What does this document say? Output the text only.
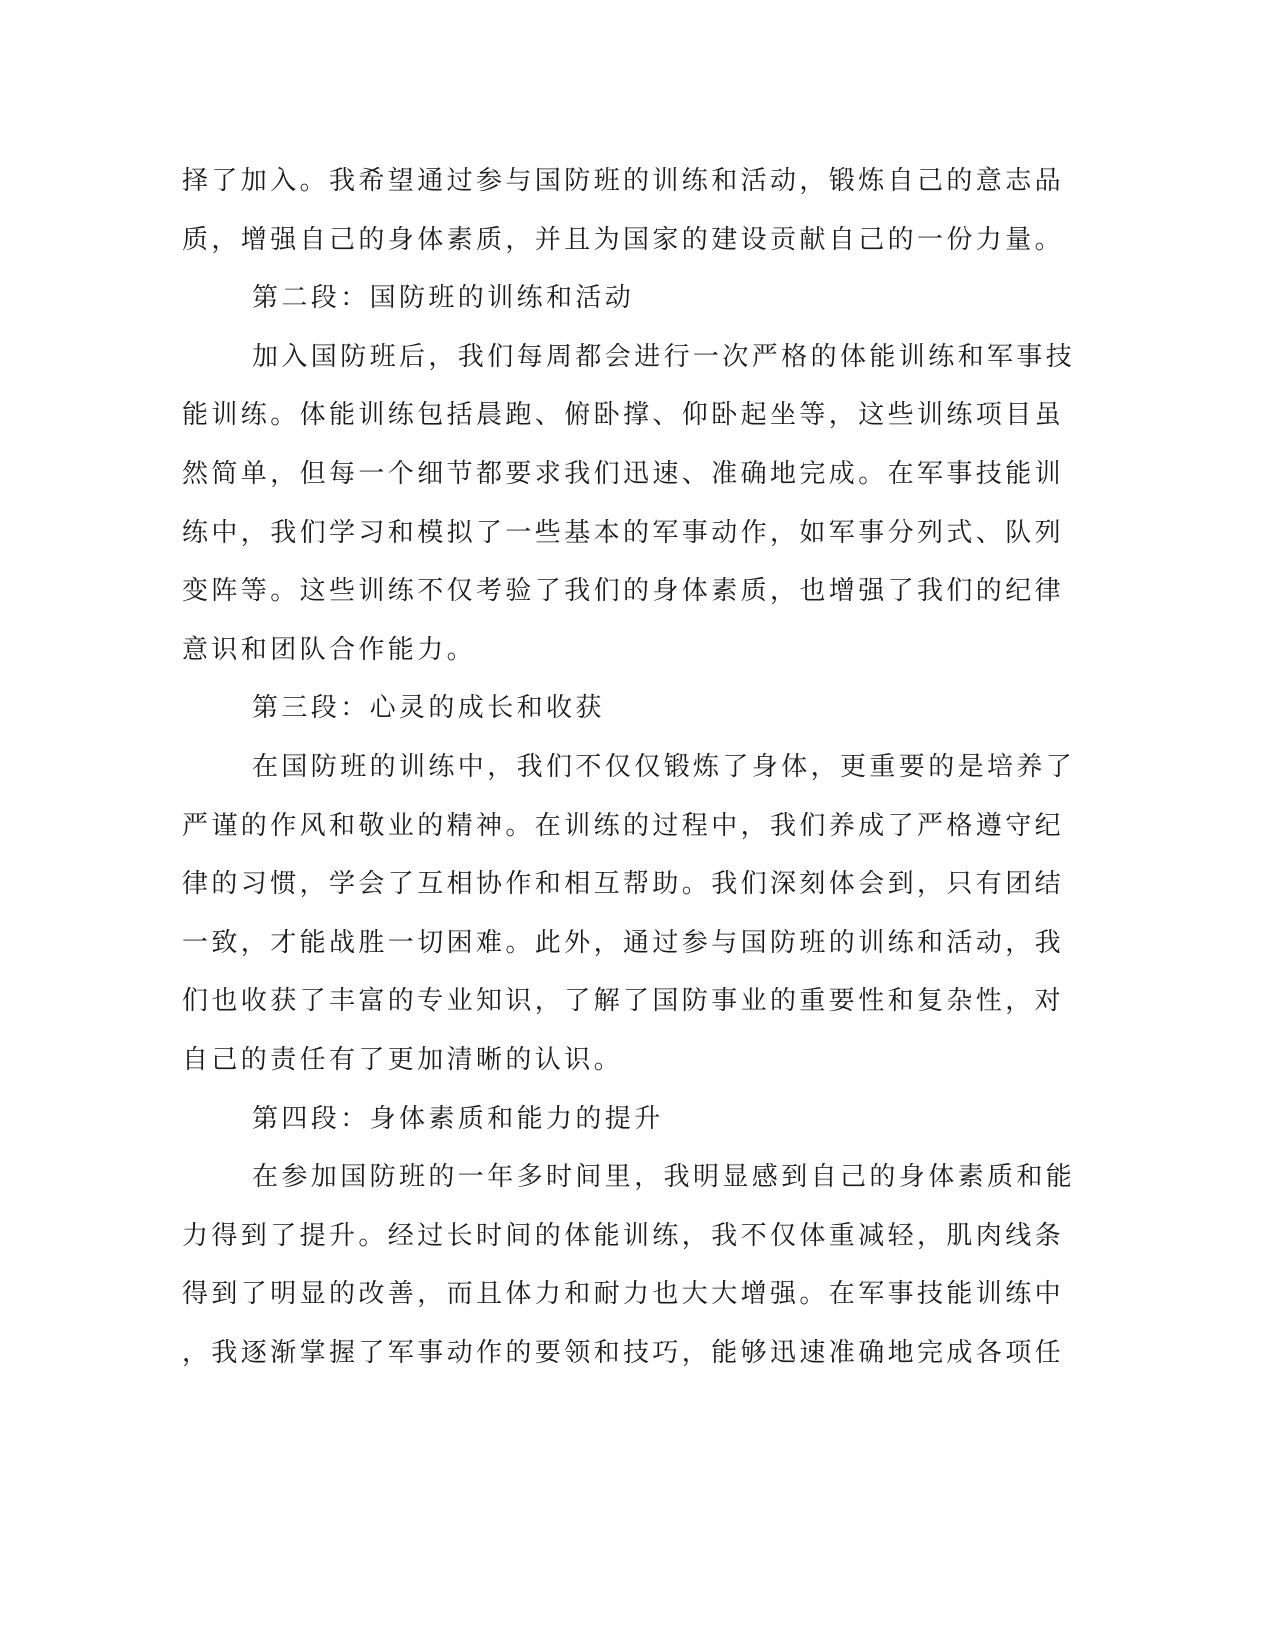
择了加入。我希望通过参与国防班的训练和活动，锻炼自己的意志品
质，增强自己的身体素质，并且为国家的建设贡献自己的一份力量。
第二段：国防班的训练和活动
加入国防班后，我们每周都会进行一次严格的体能训练和军事技
能训练。体能训练包括晨跑、俯卧撑、仰卧起坐等，这些训练项目虽
然简单，但每一个细节都要求我们迅速、准确地完成。在军事技能训
练中，我们学习和模拟了一些基本的军事动作，如军事分列式、队列
变阵等。这些训练不仅考验了我们的身体素质，也增强了我们的纪律
意识和团队合作能力。
第三段：心灵的成长和收获
在国防班的训练中，我们不仅仅锻炼了身体，更重要的是培养了
严谨的作风和敬业的精神。在训练的过程中，我们养成了严格遵守纪
律的习惯，学会了互相协作和相互帮助。我们深刻体会到，只有团结
一致，才能战胜一切困难。此外，通过参与国防班的训练和活动，我
们也收获了丰富的专业知识，了解了国防事业的重要性和复杂性，对
自己的责任有了更加清晰的认识。
第四段：身体素质和能力的提升
在参加国防班的一年多时间里，我明显感到自己的身体素质和能
力得到了提升。经过长时间的体能训练，我不仅体重减轻，肌肉线条
得到了明显的改善，而且体力和耐力也大大增强。在军事技能训练中
，我逐渐掌握了军事动作的要领和技巧，能够迅速准确地完成各项任
